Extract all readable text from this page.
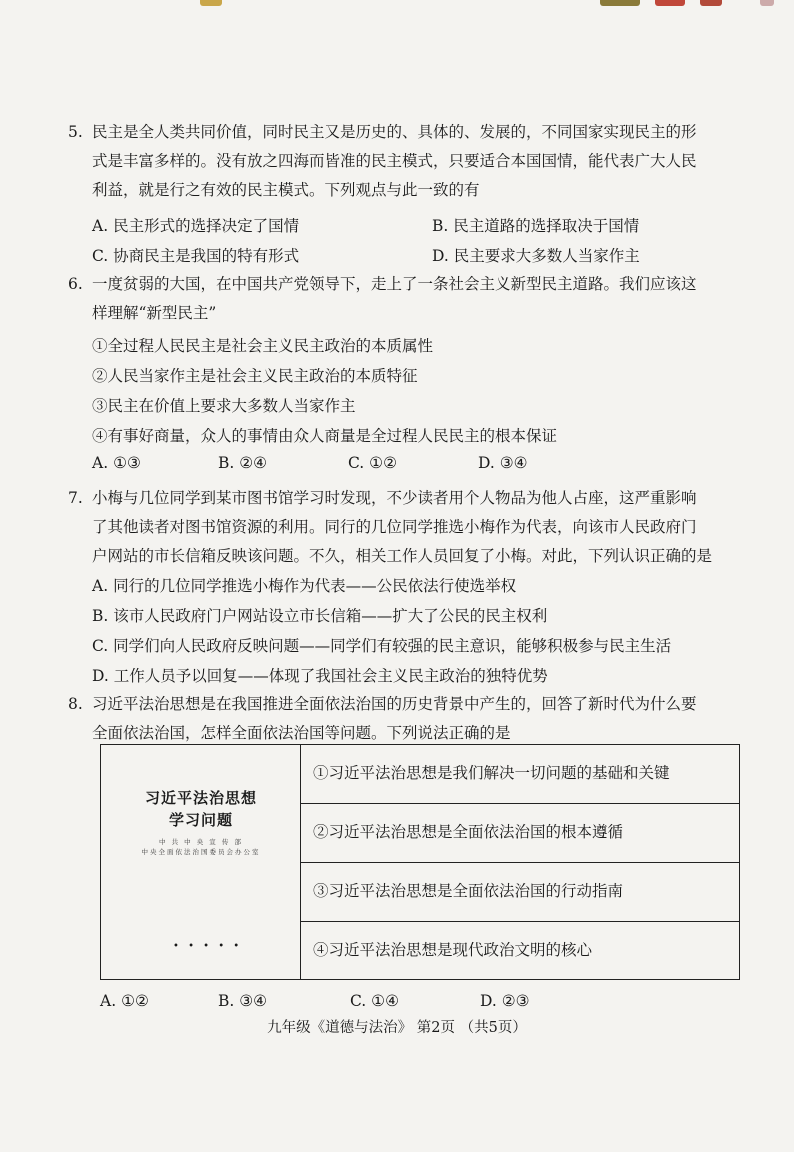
5. 民主是全人类共同价值，同时民主又是历史的、具体的、发展的，不同国家实现民主的形
式是丰富多样的。没有放之四海而皆准的民主模式，只要适合本国国情，能代表广大人民
利益，就是行之有效的民主模式。下列观点与此一致的有
A. 民主形式的选择决定了国情	B. 民主道路的选择取决于国情
C. 协商民主是我国的特有形式	D. 民主要求大多数人当家作主
6. 一度贫弱的大国，在中国共产党领导下，走上了一条社会主义新型民主道路。我们应该这
样理解“新型民主”
①全过程人民民主是社会主义民主政治的本质属性
②人民当家作主是社会主义民主政治的本质特征
③民主在价值上要求大多数人当家作主
④有事好商量，众人的事情由众人商量是全过程人民民主的根本保证
A. ①③	B. ②④	C. ①②	D. ③④
7. 小梅与几位同学到某市图书馆学习时发现，不少读者用个人物品为他人占座，这严重影响
了其他读者对图书馆资源的利用。同行的几位同学推选小梅作为代表，向该市人民政府门
户网站的市长信箱反映该问题。不久，相关工作人员回复了小梅。对此，下列认识正确的是
A. 同行的几位同学推选小梅作为代表——公民依法行使选举权
B. 该市人民政府门户网站设立市长信箱——扩大了公民的民主权利
C. 同学们向人民政府反映问题——同学们有较强的民主意识，能够积极参与民主生活
D. 工作人员予以回复——体现了我国社会主义民主政治的独特优势
8. 习近平法治思想是在我国推进全面依法治国的历史背景中产生的，回答了新时代为什么要
全面依法治国，怎样全面依法治国等问题。下列说法正确的是
习近平法治思想
学习问题
中 共 中 央 宣 传 部
中央全面依法治国委员会办公室
• • • • •
①习近平法治思想是我们解决一切问题的基础和关键
②习近平法治思想是全面依法治国的根本遵循
③习近平法治思想是全面依法治国的行动指南
④习近平法治思想是现代政治文明的核心
A. ①②	B. ③④	C. ①④	D. ②③
九年级《道德与法治》 第2页 （共5页）
